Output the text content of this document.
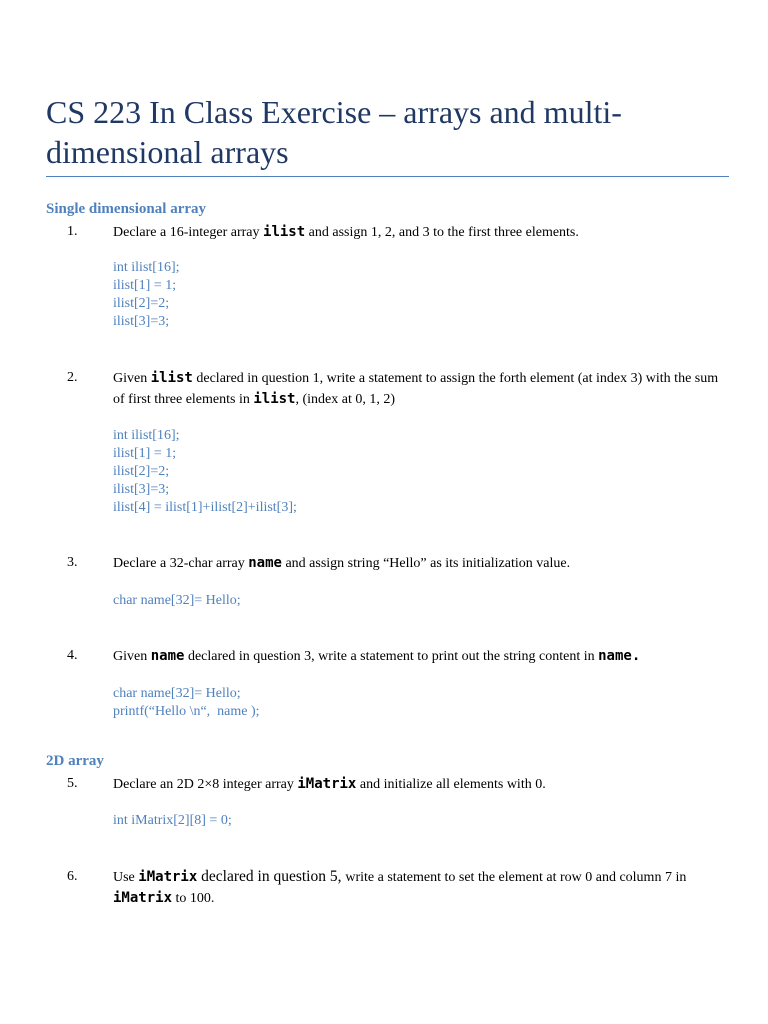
CS 223 In Class Exercise – arrays and multi-dimensional arrays
Single dimensional array
1.	Declare a 16-integer array ilist and assign 1, 2, and 3 to the first three elements.
int ilist[16];
ilist[1] = 1;
ilist[2]=2;
ilist[3]=3;
2.	Given ilist declared in question 1, write a statement to assign the forth element (at index 3) with the sum of first three elements in ilist, (index at 0, 1, 2)
int ilist[16];
ilist[1] = 1;
ilist[2]=2;
ilist[3]=3;
ilist[4] = ilist[1]+ilist[2]+ilist[3];
3.	Declare a 32-char array name and assign string “Hello” as its initialization value.
char name[32]= Hello;
4.	Given name declared in question 3, write a statement to print out the string content in name.
char name[32]= Hello;
printf(“Hello \n“,  name );
2D array
5.	Declare an 2D 2×8 integer array iMatrix and initialize all elements with 0.
int iMatrix[2][8] = 0;
6.	Use iMatrix declared in question 5, write a statement to set the element at row 0 and column 7 in iMatrix to 100.
